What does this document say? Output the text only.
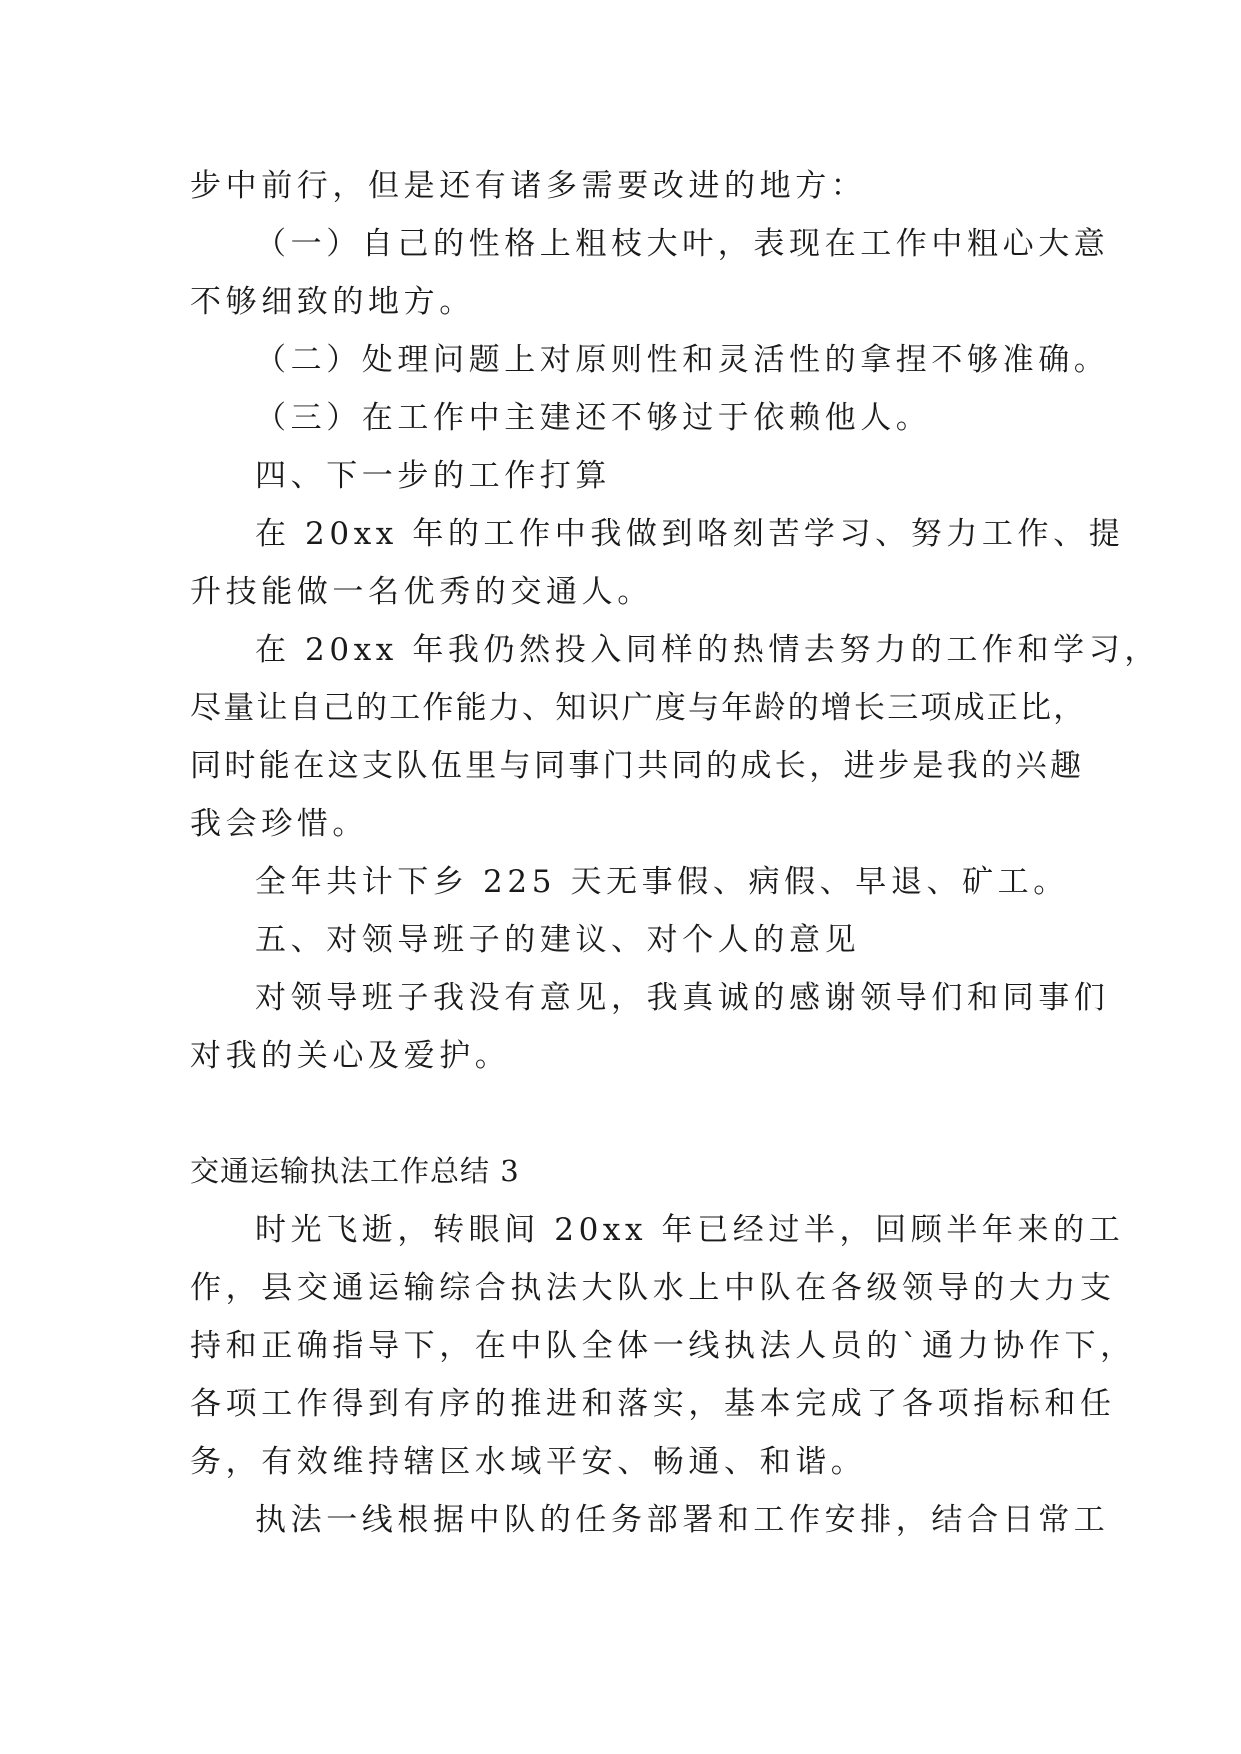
步中前行，但是还有诸多需要改进的地方：
（一）自己的性格上粗枝大叶，表现在工作中粗心大意
不够细致的地方。
（二）处理问题上对原则性和灵活性的拿捏不够准确。
（三）在工作中主建还不够过于依赖他人。
四、下一步的工作打算
在 20xx 年的工作中我做到咯刻苦学习、努力工作、提
升技能做一名优秀的交通人。
在 20xx 年我仍然投入同样的热情去努力的工作和学习，
尽量让自己的工作能力、知识广度与年龄的增长三项成正比，
同时能在这支队伍里与同事门共同的成长，进步是我的兴趣
我会珍惜。
全年共计下乡 225 天无事假、病假、早退、矿工。
五、对领导班子的建议、对个人的意见
对领导班子我没有意见，我真诚的感谢领导们和同事们
对我的关心及爱护。
交通运输执法工作总结 3
时光飞逝，转眼间 20xx 年已经过半，回顾半年来的工
作，县交通运输综合执法大队水上中队在各级领导的大力支
持和正确指导下，在中队全体一线执法人员的`通力协作下，
各项工作得到有序的推进和落实，基本完成了各项指标和任
务，有效维持辖区水域平安、畅通、和谐。
执法一线根据中队的任务部署和工作安排，结合日常工
